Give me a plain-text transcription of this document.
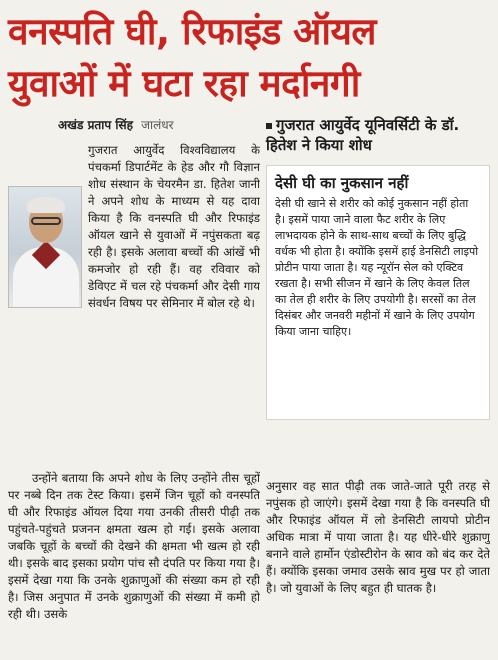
वनस्पति घी, रिफाइंड ऑयल
युवाओं में घटा रहा मर्दानगी
अखंड प्रताप सिंह जालंधर

गुजरात आयुर्वेद विश्वविद्यालय के पंचकर्मा डिपार्टमेंट के हेड और गौ विज्ञान शोध संस्थान के चेयरमैन डा. हितेश जानी ने अपने शोध के माध्यम से यह दावा किया है कि वनस्पति घी और रिफाइंड ऑयल खाने से युवाओं में नपुंसकता बढ़ रही है। इसके अलावा बच्चों की आंखें भी कमजोर हो रही हैं। वह रविवार को डेविएट में चल रहे पंचकर्मा और देसी गाय संवर्धन विषय पर सेमिनार में बोल रहे थे।

गुजरात आयुर्वेद यूनिवर्सिटी के डॉ. हितेश ने किया शोध
देसी घी का नुकसान नहीं

देसी घी खाने से शरीर को कोई नुकसान नहीं होता है। इसमें पाया जाने वाला फैट शरीर के लिए लाभदायक होने के साथ-साथ बच्चों के लिए बुद्धि वर्धक भी होता है। क्योंकि इसमें हाई डेनसिटी लाइपो प्रोटीन पाया जाता है। यह न्यूरॉन सेल को एक्टिव रखता है। सभी सीजन में खाने के लिए केवल तिल का तेल ही शरीर के लिए उपयोगी है। सरसों का तेल दिसंबर और जनवरी महीनों में खाने के लिए उपयोग किया जाना चाहिए।

उन्होंने बताया कि अपने शोध के लिए उन्होंने तीस चूहों पर नब्बे दिन तक टेस्ट किया। इसमें जिन चूहों को वनस्पति घी और रिफाइंड ऑयल दिया गया उनकी तीसरी पीढ़ी तक पहुंचते-पहुंचते प्रजनन क्षमता खत्म हो गई। इसके अलावा जबकि चूहों के बच्चों की देखने की क्षमता भी खत्म हो रही थी। इसके बाद इसका प्रयोग पांच सौ दंपति पर किया गया है। इसमें देखा गया कि उनके शुक्राणुओं की संख्या कम हो रही है। जिस अनुपात में उनके शुक्राणुओं की संख्या में कमी हो रही थी। उसके

अनुसार वह सात पीढ़ी तक जाते-जाते पूरी तरह से नपुंसक हो जाएंगे। इसमें देखा गया है कि वनस्पति घी और रिफाइंड ऑयल में लो डेनसिटी लायपो प्रोटीन अधिक मात्रा में पाया जाता है। यह धीरे-धीरे शुक्राणु बनाने वाले हार्मोन एंडोस्टीरोन के स्राव को बंद कर देते हैं। क्योंकि इसका जमाव उसके स्राव मुख पर हो जाता है। जो युवाओं के लिए बहुत ही घातक है।
